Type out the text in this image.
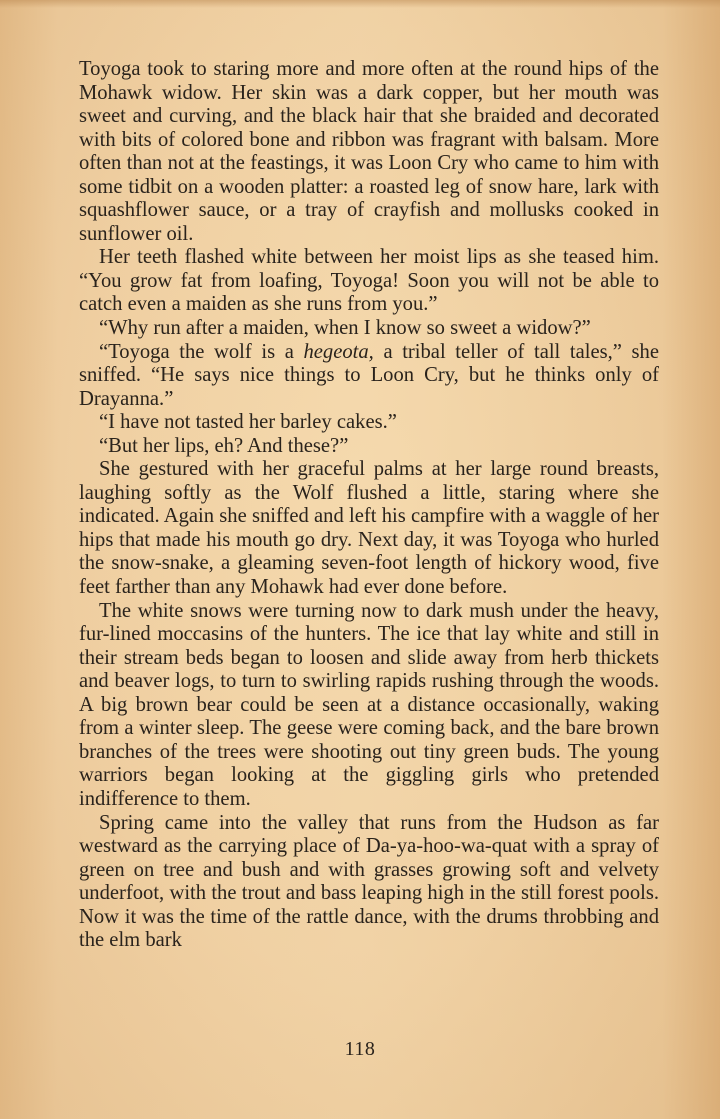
Toyoga took to staring more and more often at the round hips of the Mohawk widow. Her skin was a dark copper, but her mouth was sweet and curving, and the black hair that she braided and decorated with bits of colored bone and ribbon was fragrant with balsam. More often than not at the feastings, it was Loon Cry who came to him with some tidbit on a wooden platter: a roasted leg of snow hare, lark with squashflower sauce, or a tray of crayfish and mollusks cooked in sunflower oil.

Her teeth flashed white between her moist lips as she teased him. “You grow fat from loafing, Toyoga! Soon you will not be able to catch even a maiden as she runs from you.”

“Why run after a maiden, when I know so sweet a widow?”

“Toyoga the wolf is a hegeota, a tribal teller of tall tales,” she sniffed. “He says nice things to Loon Cry, but he thinks only of Drayanna.”

“I have not tasted her barley cakes.”

“But her lips, eh? And these?”

She gestured with her graceful palms at her large round breasts, laughing softly as the Wolf flushed a little, staring where she indicated. Again she sniffed and left his campfire with a waggle of her hips that made his mouth go dry. Next day, it was Toyoga who hurled the snow-snake, a gleaming seven-foot length of hickory wood, five feet farther than any Mohawk had ever done before.

The white snows were turning now to dark mush under the heavy, fur-lined moccasins of the hunters. The ice that lay white and still in their stream beds began to loosen and slide away from herb thickets and beaver logs, to turn to swirling rapids rushing through the woods. A big brown bear could be seen at a distance occasionally, waking from a winter sleep. The geese were coming back, and the bare brown branches of the trees were shooting out tiny green buds. The young warriors began looking at the giggling girls who pretended indifference to them.

Spring came into the valley that runs from the Hudson as far westward as the carrying place of Da-ya-hoo-wa-quat with a spray of green on tree and bush and with grasses growing soft and velvety underfoot, with the trout and bass leaping high in the still forest pools. Now it was the time of the rattle dance, with the drums throbbing and the elm bark

118
